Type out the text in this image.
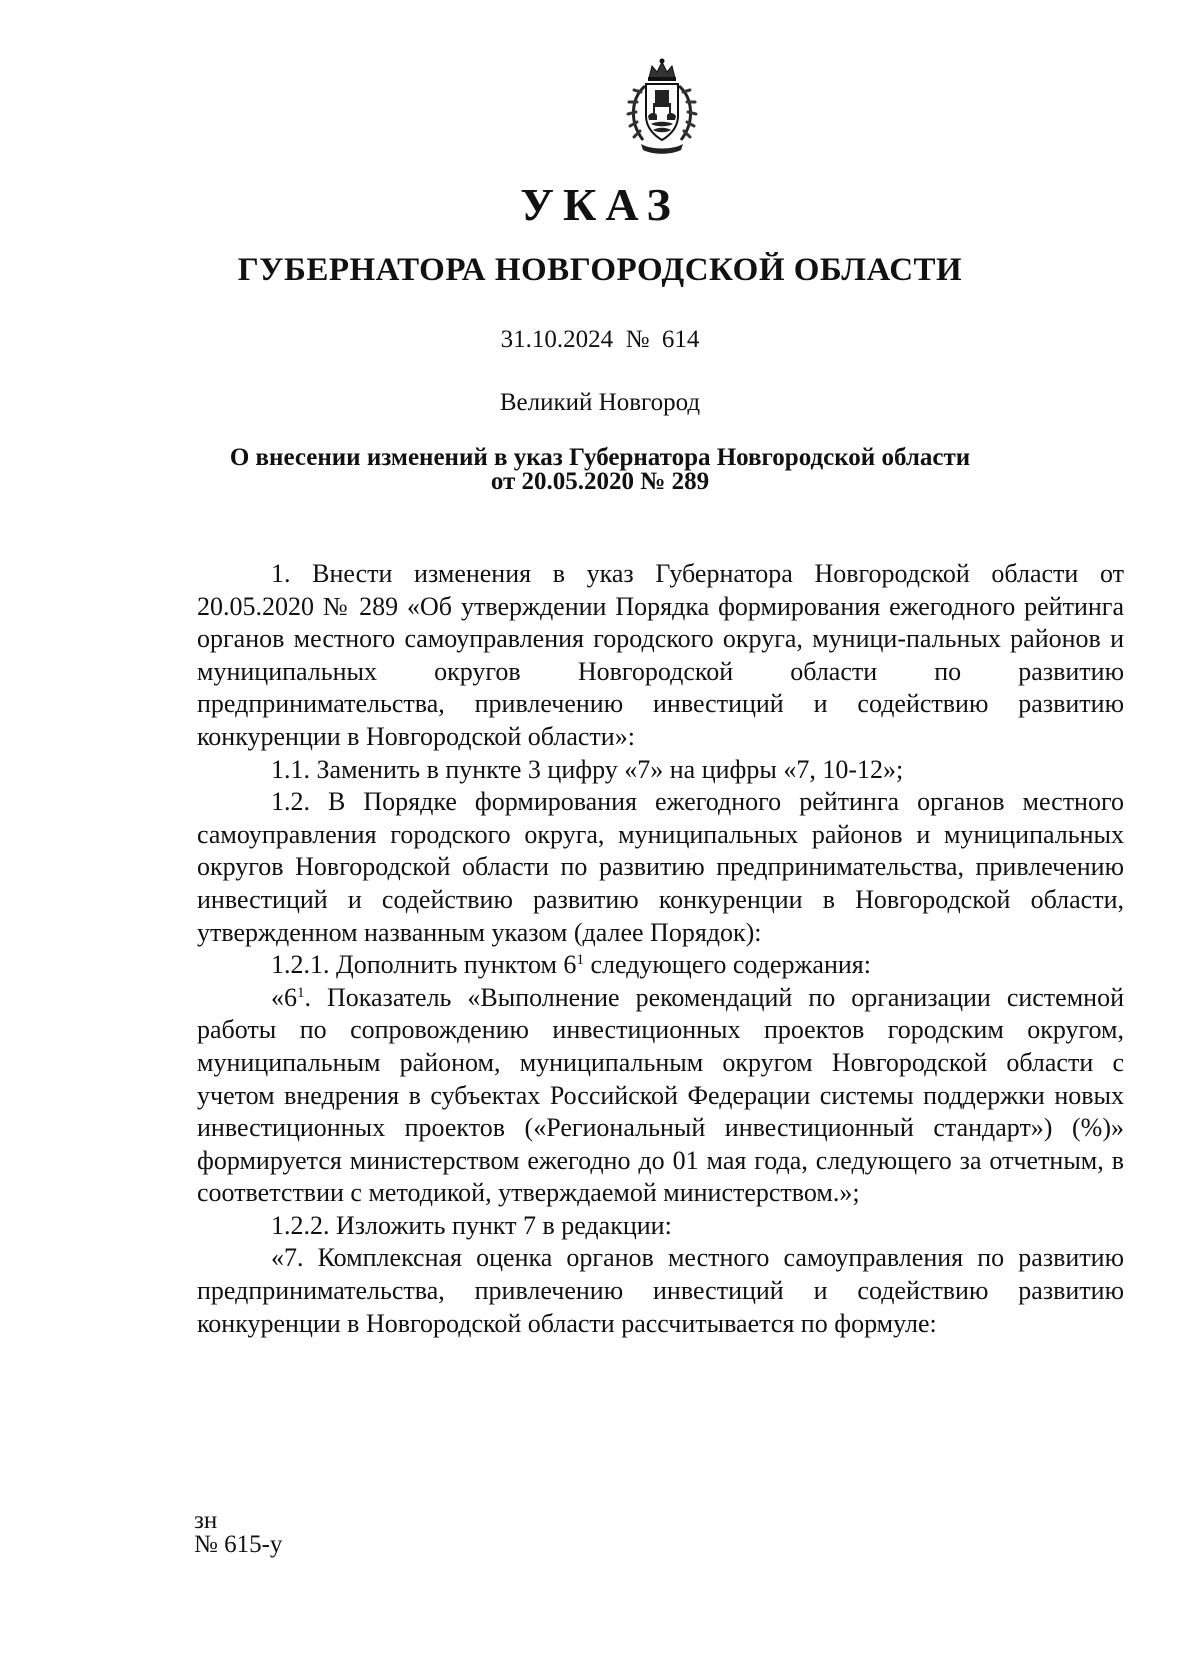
УКАЗ
ГУБЕРНАТОРА НОВГОРОДСКОЙ ОБЛАСТИ
31.10.2024 № 614
Великий Новгород
О внесении изменений в указ Губернатора Новгородской области
от 20.05.2020 № 289

1. Внести изменения в указ Губернатора Новгородской области от 20.05.2020 № 289 «Об утверждении Порядка формирования ежегодного рейтинга органов местного самоуправления городского округа, муници-пальных районов и муниципальных округов Новгородской области по развитию предпринимательства, привлечению инвестиций и содействию развитию конкуренции в Новгородской области»:

1.1. Заменить в пункте 3 цифру «7» на цифры «7, 10-12»;

1.2. В Порядке формирования ежегодного рейтинга органов местного самоуправления городского округа, муниципальных районов и муниципальных округов Новгородской области по развитию предпринимательства, привлечению инвестиций и содействию развитию конкуренции в Новгородской области, утвержденном названным указом (далее Порядок):

1.2.1. Дополнить пунктом $6^1$ следующего содержания:

«$6^1$. Показатель «Выполнение рекомендаций по организации системной работы по сопровождению инвестиционных проектов городским округом, муниципальным районом, муниципальным округом Новгородской области с учетом внедрения в субъектах Российской Федерации системы поддержки новых инвестиционных проектов («Региональный инвестиционный стандарт») (%)» формируется министерством ежегодно до 01 мая года, следующего за отчетным, в соответствии с методикой, утверждаемой министерством.»;

1.2.2. Изложить пункт 7 в редакции:

«7. Комплексная оценка органов местного самоуправления по развитию предпринимательства, привлечению инвестиций и содействию развитию конкуренции в Новгородской области рассчитывается по формуле:

зн
№ 615-у
